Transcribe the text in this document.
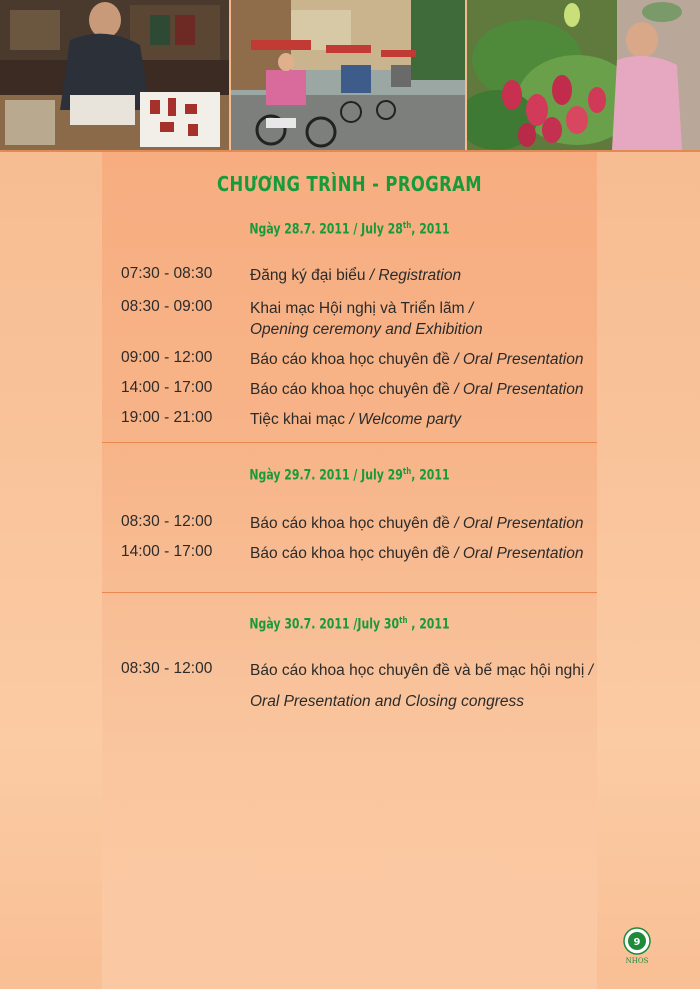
CHƯƠNG TRÌNH - PROGRAM
Ngày 28.7. 2011 / July 28th, 2011
07:30 - 08:30	Đăng ký đại biểu / Registration
08:30 - 09:00	Khai mạc Hội nghị và Triển lãm /
Opening ceremony and Exhibition
09:00 - 12:00	Báo cáo khoa học chuyên đề / Oral Presentation
14:00 - 17:00	Báo cáo khoa học chuyên đề / Oral Presentation
19:00 - 21:00	Tiệc khai mạc / Welcome party
Ngày 29.7. 2011 / July 29th, 2011
08:30 - 12:00	Báo cáo khoa học chuyên đề / Oral Presentation
14:00 - 17:00	Báo cáo khoa học chuyên đề / Oral Presentation
Ngày 30.7. 2011 /July 30th , 2011
08:30 - 12:00	Báo cáo khoa học chuyên đề và bế mạc hội nghị /
Oral Presentation and Closing congress
9
NHOS
